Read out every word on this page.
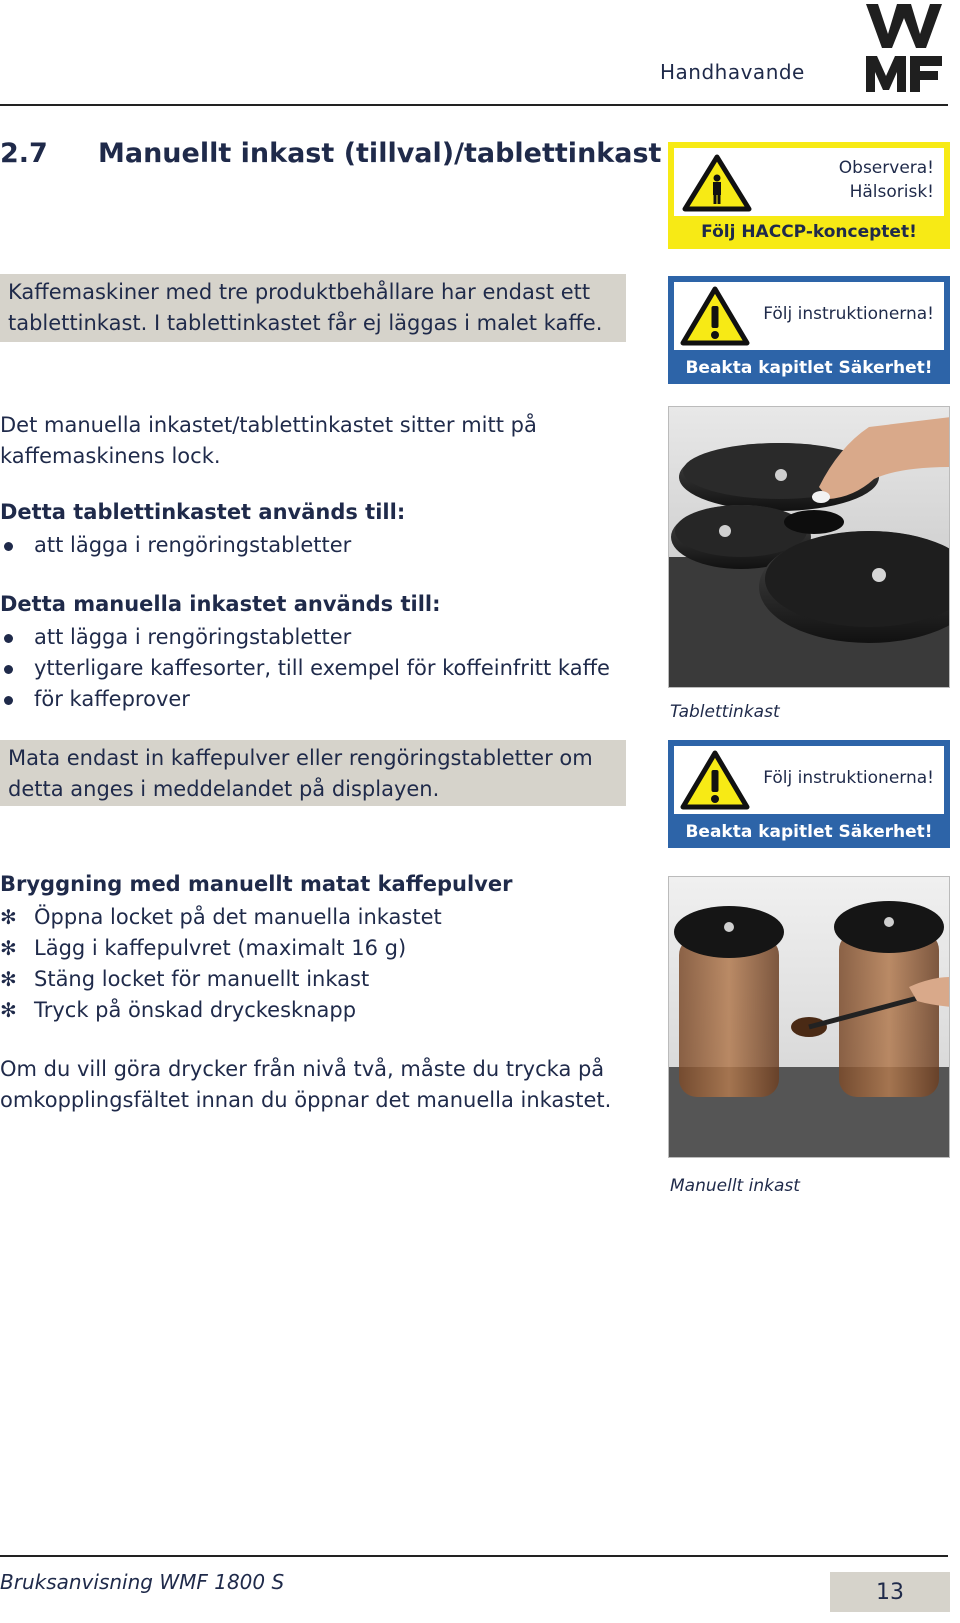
Handhavande
2.7 Manuellt inkast (tillval)/tablettinkast
Kaffemaskiner med tre produktbehållare har endast ett
tablettinkast. I tablettinkastet får ej läggas i malet kaffe.
Det manuella inkastet/tablettinkastet sitter mitt på
kaffemaskinens lock.
Detta tablettinkastet används till:
att lägga i rengöringstabletter
Detta manuella inkastet används till:
att lägga i rengöringstabletter
ytterligare kaffesorter, till exempel för koffeinfritt kaffe
för kaffeprover
Mata endast in kaffepulver eller rengöringstabletter om
detta anges i meddelandet på displayen.
Bryggning med manuellt matat kaffepulver
✻ Öppna locket på det manuella inkastet
✻ Lägg i kaffepulvret (maximalt 16 g)
✻ Stäng locket för manuellt inkast
✻ Tryck på önskad dryckesknapp
Om du vill göra drycker från nivå två, måste du trycka på
omkopplingsfältet innan du öppnar det manuella inkastet.
Observera!
Hälsorisk!
Följ HACCP-konceptet!
Följ instruktionerna!
Beakta kapitlet Säkerhet!
Tablettinkast
Följ instruktionerna!
Beakta kapitlet Säkerhet!
Manuellt inkast
Bruksanvisning WMF 1800 S	13
